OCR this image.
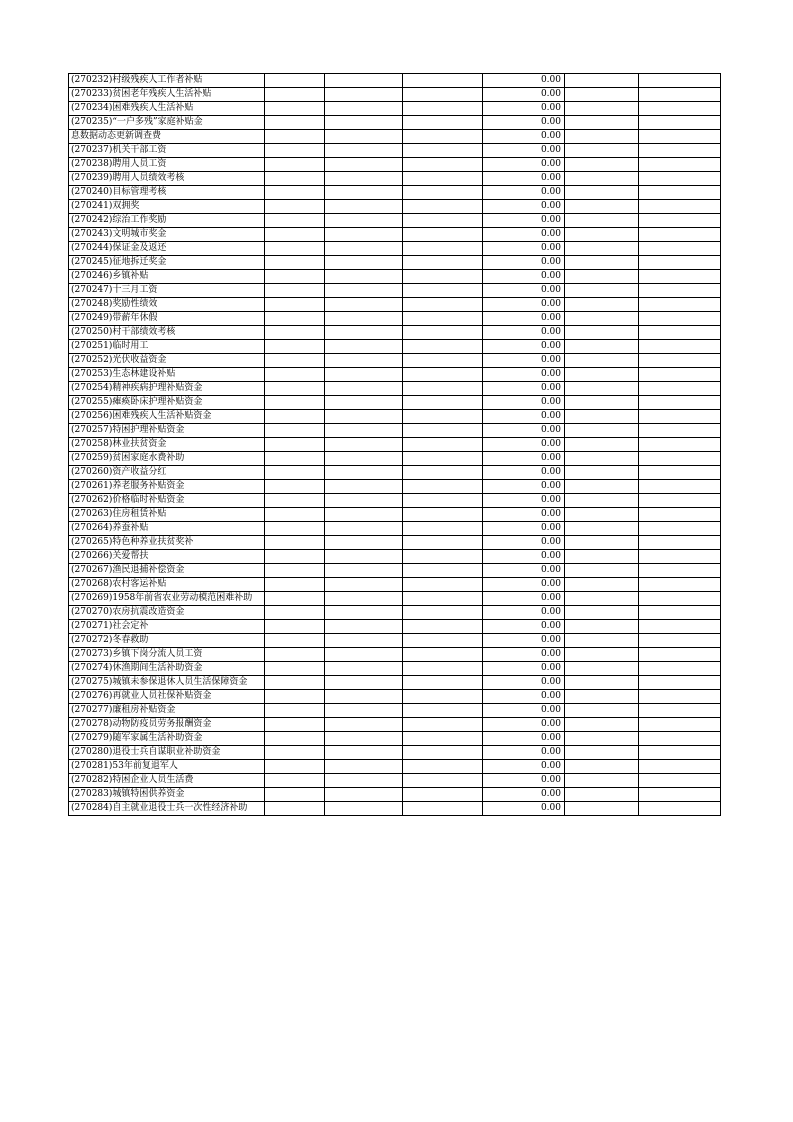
(270232)村级残疾人工作者补贴				0.00		
(270233)贫困老年残疾人生活补贴				0.00		
(270234)困难残疾人生活补贴				0.00		
(270235)“一户多残”家庭补贴金				0.00		
息数据动态更新调查费				0.00		
(270237)机关干部工资				0.00		
(270238)聘用人员工资				0.00		
(270239)聘用人员绩效考核				0.00		
(270240)目标管理考核				0.00		
(270241)双拥奖				0.00		
(270242)综治工作奖励				0.00		
(270243)文明城市奖金				0.00		
(270244)保证金及返还				0.00		
(270245)征地拆迁奖金				0.00		
(270246)乡镇补贴				0.00		
(270247)十三月工资				0.00		
(270248)奖励性绩效				0.00		
(270249)带薪年休假				0.00		
(270250)村干部绩效考核				0.00		
(270251)临时用工				0.00		
(270252)光伏收益资金				0.00		
(270253)生态林建设补贴				0.00		
(270254)精神疾病护理补贴资金				0.00		
(270255)瘫痪卧床护理补贴资金				0.00		
(270256)困难残疾人生活补贴资金				0.00		
(270257)特困护理补贴资金				0.00		
(270258)林业扶贫资金				0.00		
(270259)贫困家庭水费补助				0.00		
(270260)资产收益分红				0.00		
(270261)养老服务补贴资金				0.00		
(270262)价格临时补贴资金				0.00		
(270263)住房租赁补贴				0.00		
(270264)养蚕补贴				0.00		
(270265)特色种养业扶贫奖补				0.00		
(270266)关爱帮扶				0.00		
(270267)渔民退捕补偿资金				0.00		
(270268)农村客运补贴				0.00		
(270269)1958年前省农业劳动模范困难补助				0.00		
(270270)农房抗震改造资金				0.00		
(270271)社会定补				0.00		
(270272)冬春救助				0.00		
(270273)乡镇下岗分流人员工资				0.00		
(270274)休渔期间生活补助资金				0.00		
(270275)城镇未参保退休人员生活保障资金				0.00		
(270276)再就业人员社保补贴资金				0.00		
(270277)廉租房补贴资金				0.00		
(270278)动物防疫员劳务报酬资金				0.00		
(270279)随军家属生活补助资金				0.00		
(270280)退役士兵自谋职业补助资金				0.00		
(270281)53年前复退军人				0.00		
(270282)特困企业人员生活费				0.00		
(270283)城镇特困供养资金				0.00		
(270284)自主就业退役士兵一次性经济补助				0.00		
